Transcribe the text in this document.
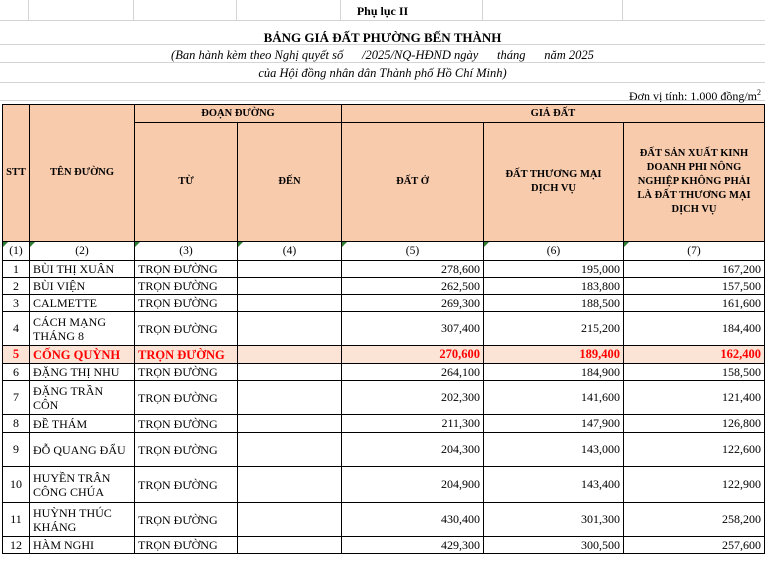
Phụ lục II
BẢNG GIÁ ĐẤT PHƯỜNG BẾN THÀNH
(Ban hành kèm theo Nghị quyết số      /2025/NQ-HĐND ngày      tháng      năm 2025
của Hội đồng nhân dân Thành phố Hồ Chí Minh)
Đơn vị tính: 1.000 đồng/$m^2$
STT	TÊN ĐƯỜNG	ĐOẠN ĐƯỜNG		GIÁ ĐẤT		
		TỪ	ĐẾN	ĐẤT Ở	ĐẤT THƯƠNG MẠI DỊCH VỤ	ĐẤT SẢN XUẤT KINH DOANH PHI NÔNG NGHIỆP KHÔNG PHẢI LÀ ĐẤT THƯƠNG MẠI DỊCH VỤ

(1)	(2)	(3)	(4)	(5)	(6)	(7)
1	BÙI THỊ XUÂN	TRỌN ĐƯỜNG		278,600	195,000	167,200
2	BÙI VIỆN	TRỌN ĐƯỜNG		262,500	183,800	157,500
3	CALMETTE	TRỌN ĐƯỜNG		269,300	188,500	161,600
4	CÁCH MẠNG THÁNG 8	TRỌN ĐƯỜNG		307,400	215,200	184,400
5	CỐNG QUỲNH	TRỌN ĐƯỜNG		270,600	189,400	162,400
6	ĐẶNG THỊ NHU	TRỌN ĐƯỜNG		264,100	184,900	158,500
7	ĐẶNG TRẦN CÔN	TRỌN ĐƯỜNG		202,300	141,600	121,400
8	ĐỀ THÁM	TRỌN ĐƯỜNG		211,300	147,900	126,800
9	ĐỖ QUANG ĐẨU	TRỌN ĐƯỜNG		204,300	143,000	122,600
10	HUYỀN TRÂN CÔNG CHÚA	TRỌN ĐƯỜNG		204,900	143,400	122,900
11	HUỲNH THÚC KHÁNG	TRỌN ĐƯỜNG		430,400	301,300	258,200
12	HÀM NGHI	TRỌN ĐƯỜNG		429,300	300,500	257,600
